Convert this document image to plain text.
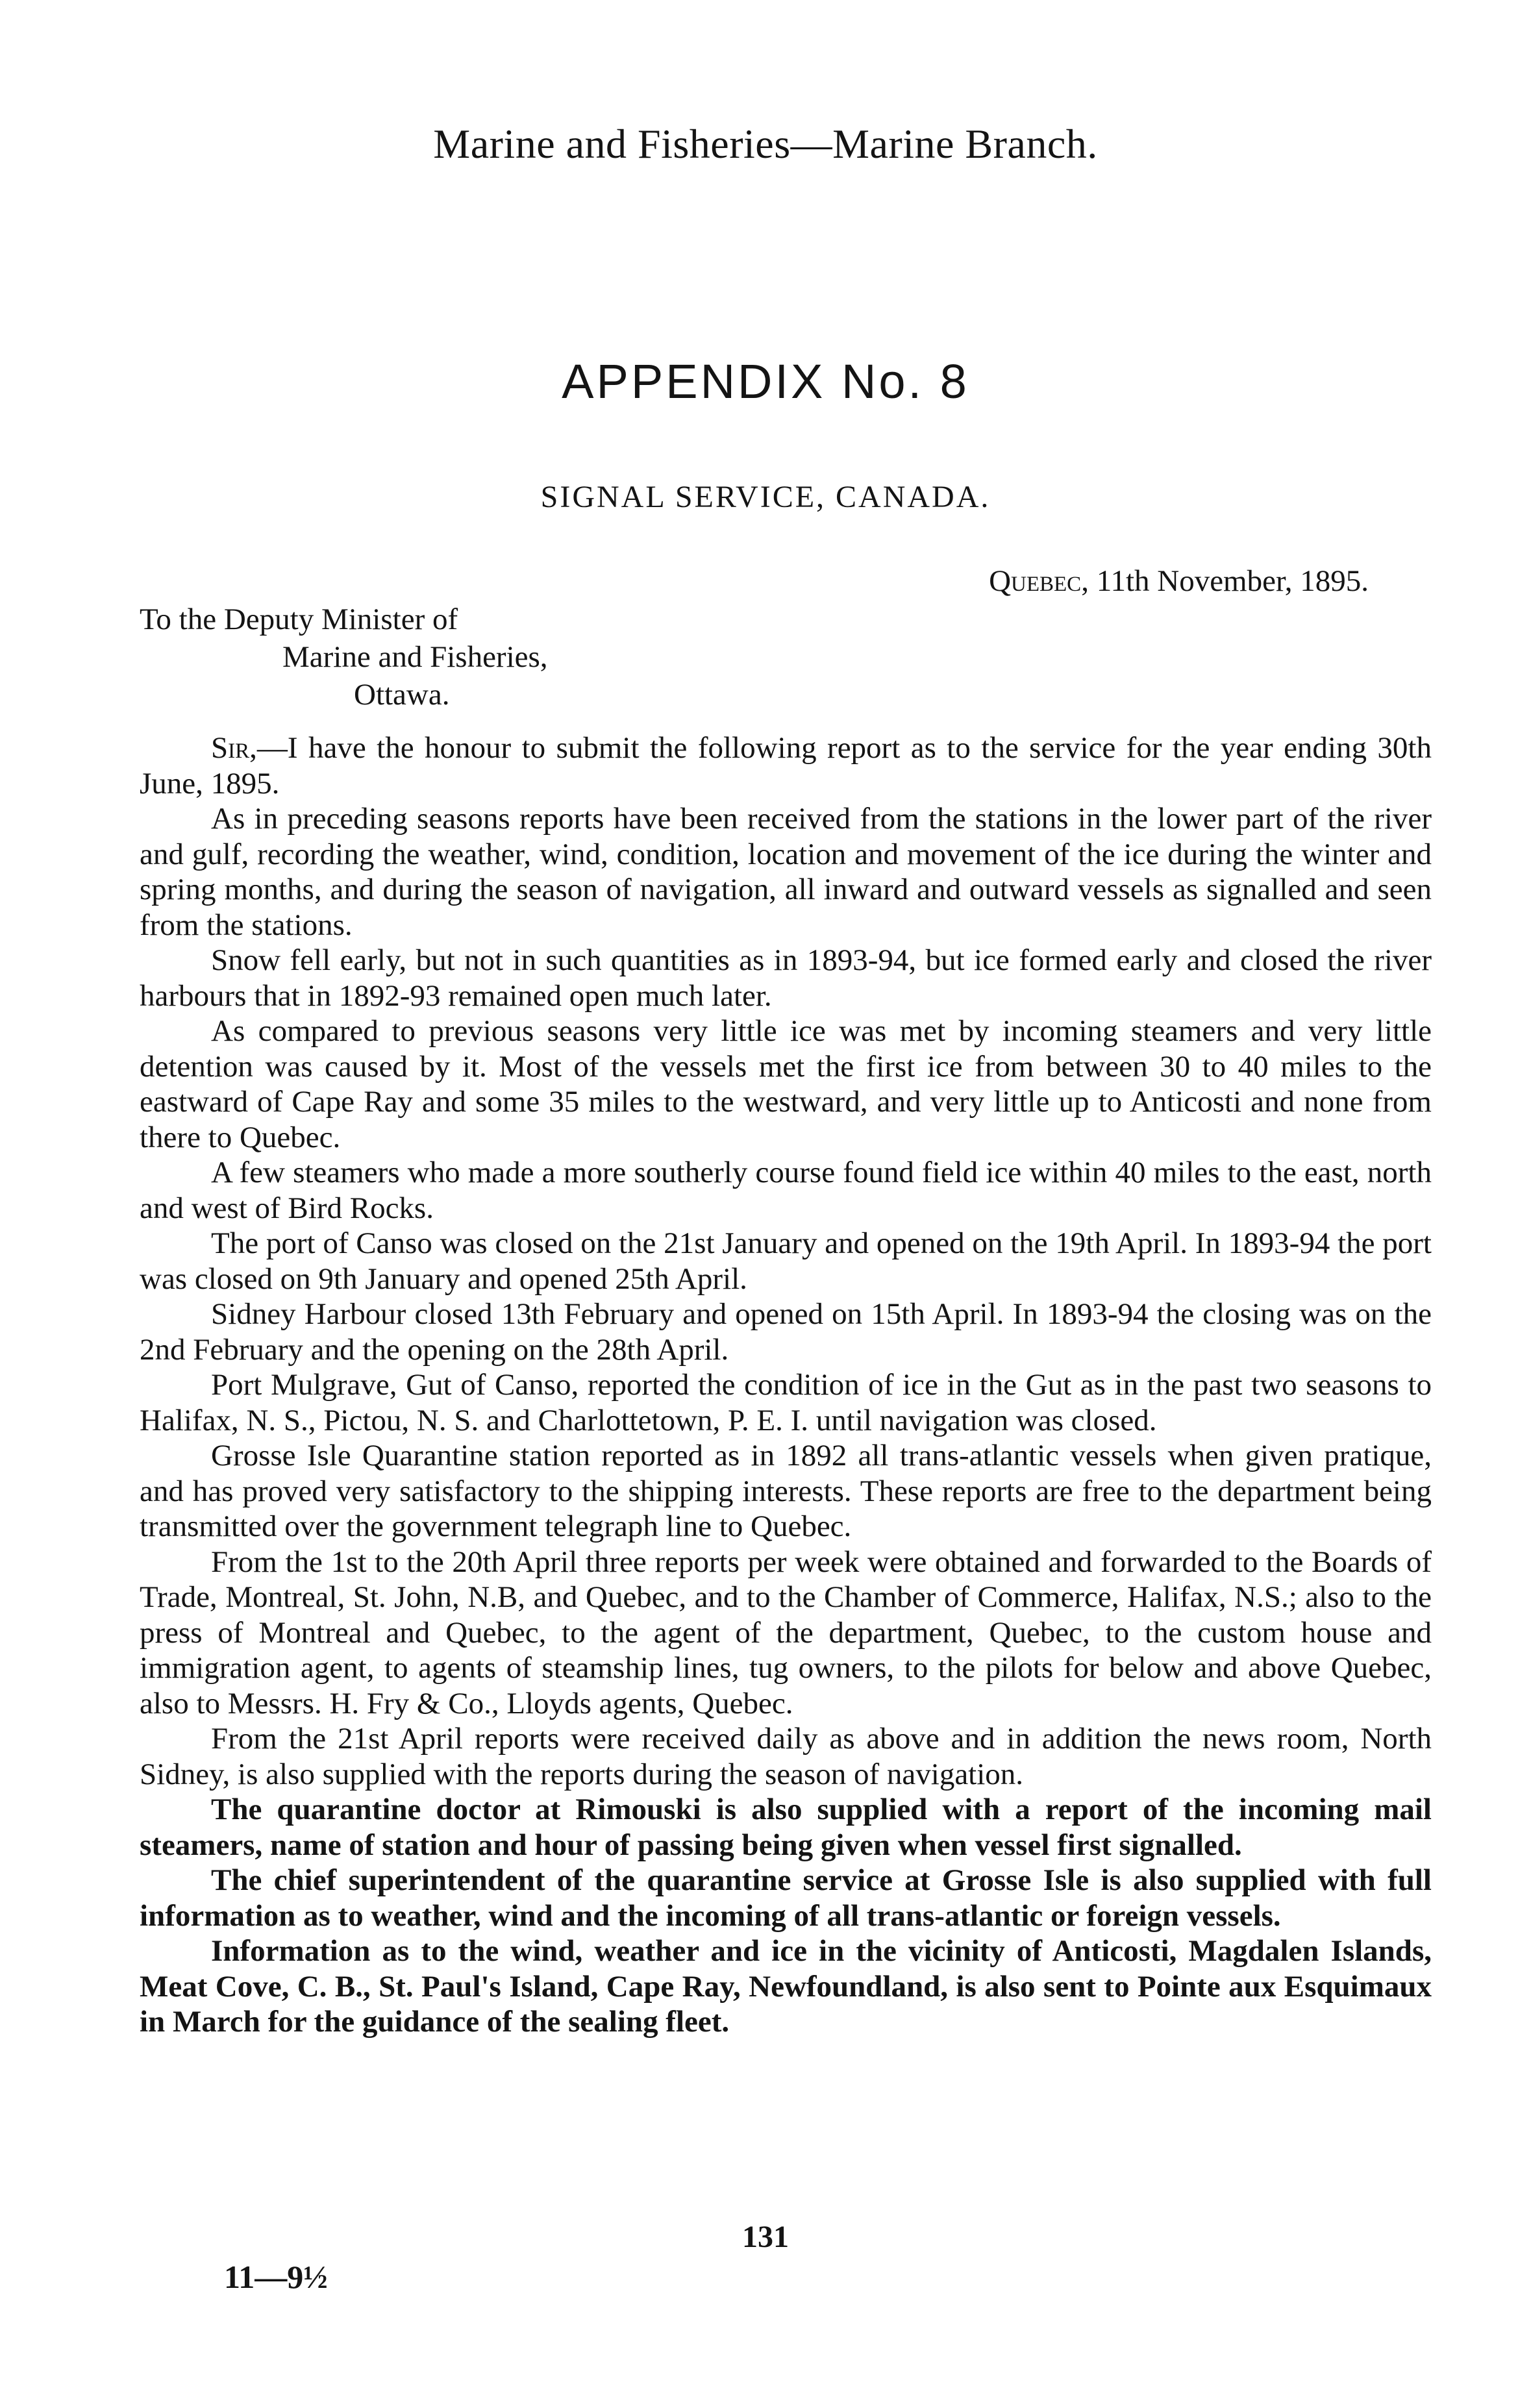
Marine and Fisheries—Marine Branch.
APPENDIX No. 8
SIGNAL SERVICE, CANADA.
Quebec, 11th November, 1895.
To the Deputy Minister of
Marine and Fisheries,
Ottawa.

Sir,—I have the honour to submit the following report as to the service for the year ending 30th June, 1895.

As in preceding seasons reports have been received from the stations in the lower part of the river and gulf, recording the weather, wind, condition, location and movement of the ice during the winter and spring months, and during the season of navigation, all inward and outward vessels as signalled and seen from the stations.

Snow fell early, but not in such quantities as in 1893-94, but ice formed early and closed the river harbours that in 1892-93 remained open much later.

As compared to previous seasons very little ice was met by incoming steamers and very little detention was caused by it. Most of the vessels met the first ice from between 30 to 40 miles to the eastward of Cape Ray and some 35 miles to the westward, and very little up to Anticosti and none from there to Quebec.

A few steamers who made a more southerly course found field ice within 40 miles to the east, north and west of Bird Rocks.

The port of Canso was closed on the 21st January and opened on the 19th April. In 1893-94 the port was closed on 9th January and opened 25th April.

Sidney Harbour closed 13th February and opened on 15th April. In 1893-94 the closing was on the 2nd February and the opening on the 28th April.

Port Mulgrave, Gut of Canso, reported the condition of ice in the Gut as in the past two seasons to Halifax, N. S., Pictou, N. S. and Charlottetown, P. E. I. until navigation was closed.

Grosse Isle Quarantine station reported as in 1892 all trans-atlantic vessels when given pratique, and has proved very satisfactory to the shipping interests. These reports are free to the department being transmitted over the government telegraph line to Quebec.

From the 1st to the 20th April three reports per week were obtained and forwarded to the Boards of Trade, Montreal, St. John, N.B, and Quebec, and to the Chamber of Commerce, Halifax, N.S.; also to the press of Montreal and Quebec, to the agent of the department, Quebec, to the custom house and immigration agent, to agents of steamship lines, tug owners, to the pilots for below and above Quebec, also to Messrs. H. Fry & Co., Lloyds agents, Quebec.

From the 21st April reports were received daily as above and in addition the news room, North Sidney, is also supplied with the reports during the season of navigation.

The quarantine doctor at Rimouski is also supplied with a report of the incoming mail steamers, name of station and hour of passing being given when vessel first signalled.

The chief superintendent of the quarantine service at Grosse Isle is also supplied with full information as to weather, wind and the incoming of all trans-atlantic or foreign vessels.

Information as to the wind, weather and ice in the vicinity of Anticosti, Magdalen Islands, Meat Cove, C. B., St. Paul's Island, Cape Ray, Newfoundland, is also sent to Pointe aux Esquimaux in March for the guidance of the sealing fleet.

131
11—9½
